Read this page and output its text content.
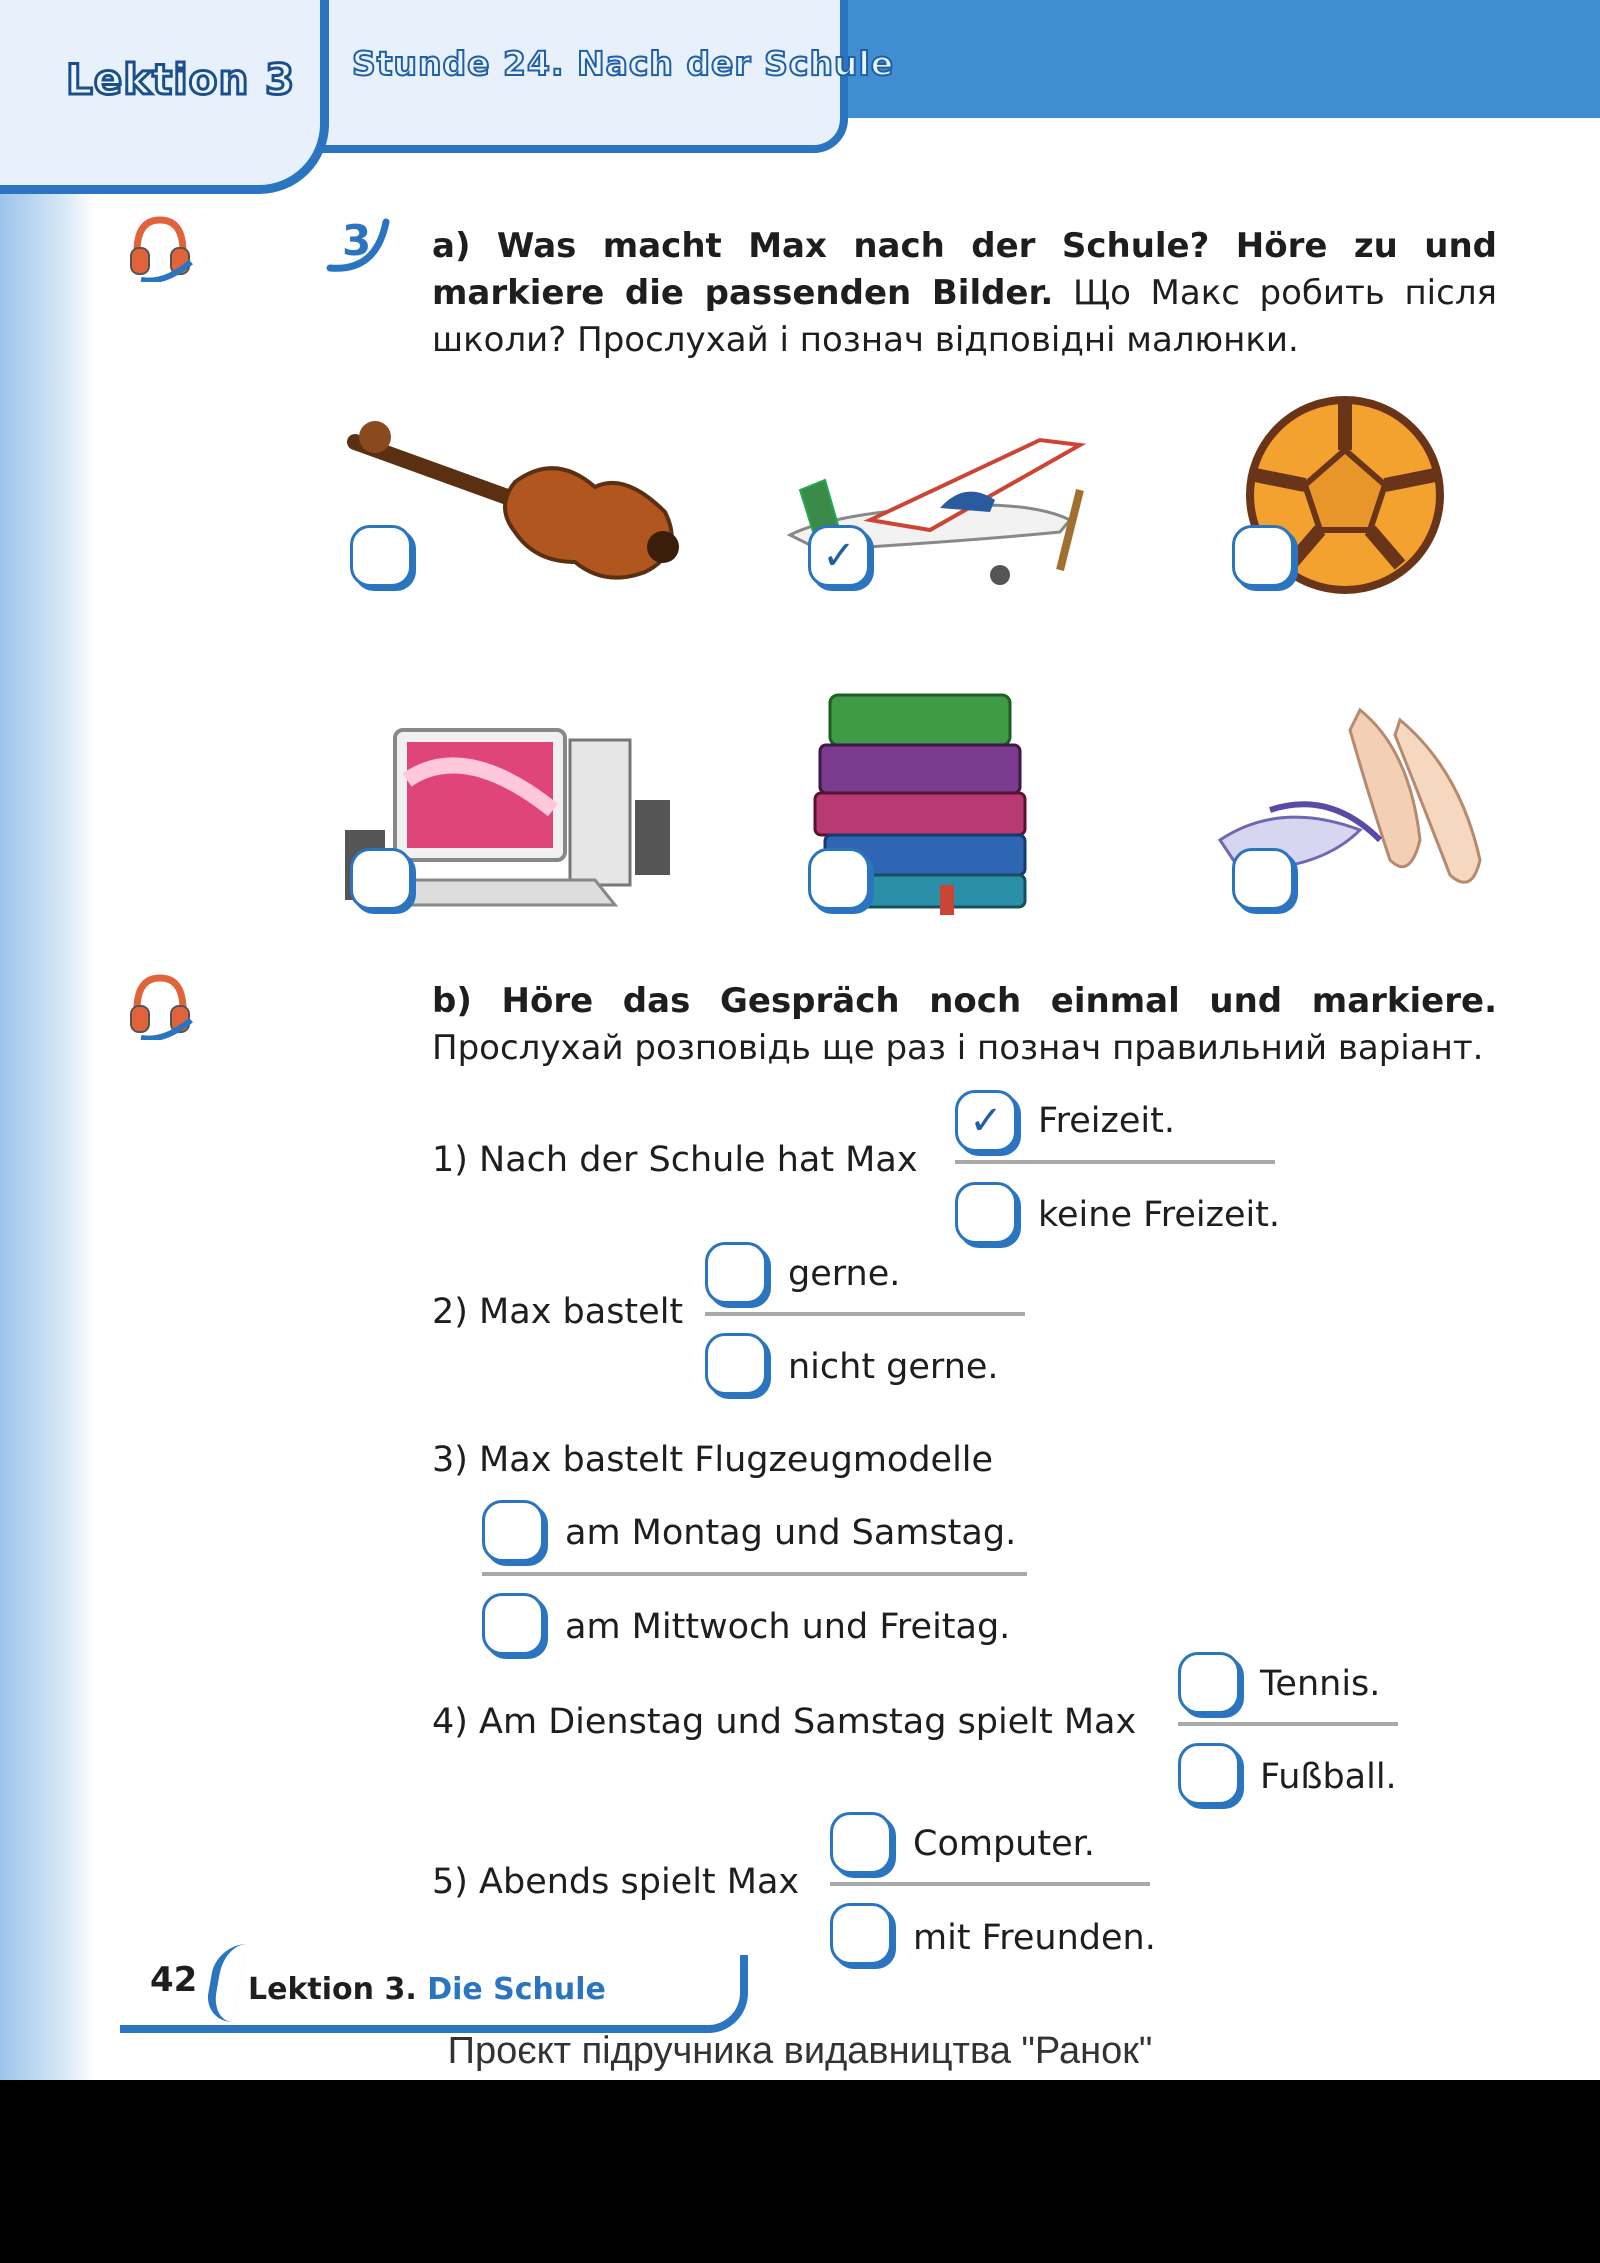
Lektion 3 Stunde 24. Nach der Schule
3 a) Was macht Max nach der Schule? Höre zu und markiere die passenden Bilder. Що Макс робить після школи? Прослухай і познач відповідні малюнки.
✓
b) Höre das Gespräch noch einmal und markiere. Прослухай розповідь ще раз і познач правильний варіант.
1) Nach der Schule hat Max
✓	Freizeit.
keine Freizeit.
2) Max bastelt
gerne.
nicht gerne.
3) Max bastelt Flugzeugmodelle
am Montag und Samstag.
am Mittwoch und Freitag.
4) Am Dienstag und Samstag spielt Max
Tennis.
Fußball.
5) Abends spielt Max
Computer.
mit Freunden.
42 Lektion 3. Die Schule
Проєкт підручника видавництва "Ранок"
